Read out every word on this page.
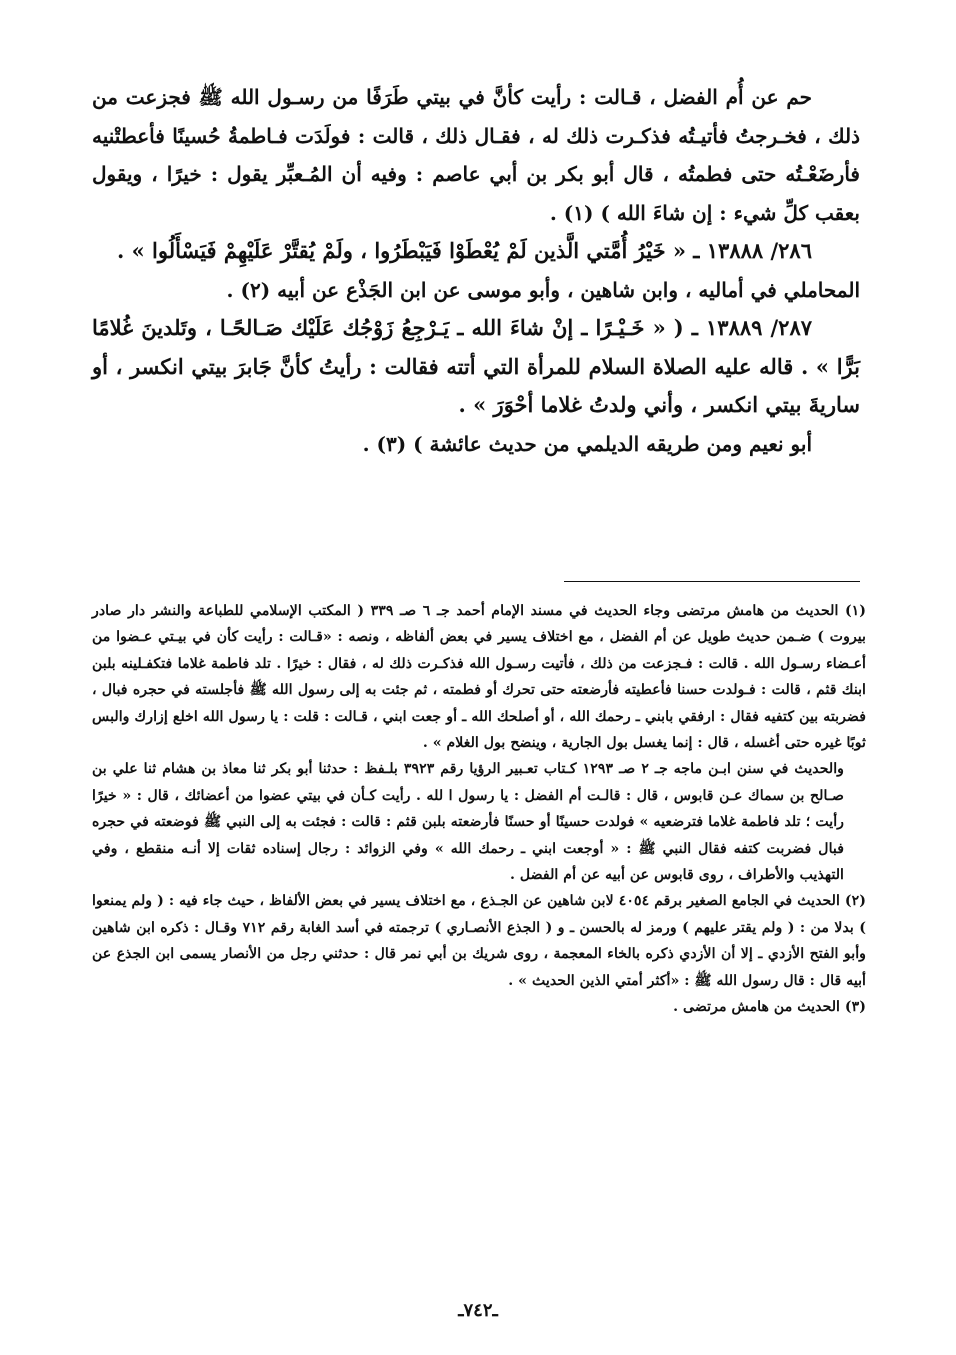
حم عن أُم الفضل ، قـالت : رأيت كأنَّ في بيتي طَرَفًا من رسـول الله ﷺ فجزعت من ذلك ، فخـرجتُ فأتيـتُه فذكـرت ذلك له ، فقـال ذلك ، قالت : فولَدَت فـاطمةُ حُسينًا فأعطتْنيه فأرضَعْـتُه حتى فطمتُه ، قال أبو بكر بن أبي عاصم : وفيه أن المُـعبِّر يقول : خيرًا ، ويقول بعقب كلِّ شيء : إن شاءَ الله ) (١) .

٢٨٦/ ١٣٨٨٨ ـ « خَيْرُ أُمَّتي الَّذين لَمْ يُعْطَوْا فَيَبْطَرُوا ، ولَمْ يُقتَّرْ عَلَيْهِمْ فَيَسْأَلُوا » .

المحاملي في أماليه ، وابن شاهين ، وأبو موسى عن ابن الجَذْع عن أبيه (٢) .

٢٨٧/ ١٣٨٨٩ ـ ( « خَـيْـرًا ـ إنْ شاءَ الله ـ يَـرْجِعُ زَوْجُك عَلَيْك صَـالحًـا ، وتَلدينَ غُلامًا بَرًّا » . قاله عليه الصلاة السلام للمرأة التي أتته فقالت : رأيتُ كأنَّ جَابرَ بيتي انكسر ، أو ساريةَ بيتي انكسر ، وأني ولدتُ غلاما أحْوَرَ » .

أبو نعيم ومن طريقه الديلمي من حديث عائشة ) (٣) .

(١) الحديث من هامش مرتضى وجاء الحديث في مسند الإمام أحمد جـ ٦ صـ ٣٣٩ ( المكتب الإسلامي للطباعة والنشر دار صادر بيروت ) ضـمن حديث طويل عن أم الفضل ، مع اختلاف يسير في بعض ألفاظه ، ونصه : «قـالت : رأيت كأن في بيـتي عـضوا من أعـضاء رسـول الله . قالت : فـجزعت من ذلك ، فأتيت رسـول الله فذكـرت ذلك له ، فقال : خيرًا . تلد فاطمة غلاما فتكفـلينه بلبن ابنك قثم ، قالت : فـولدت حسنا فأعطيته فأرضعته حتى تحرك أو فطمته ، ثم جئت به إلى رسول الله ﷺ فأجلسته في حجره فبال ، فضربته بين كتفيه فقال : ارفقي بابني ـ رحمك الله ، أو أصلحك الله ـ أو جعت ابني ، قـالت : قلت : يا رسول الله اخلع إزارك والبس ثوبًا غيره حتى أغسله ، قال : إنما يغسل بول الجارية ، وينضح بول الغلام » .

والحديث في سنن ابـن ماجه جـ ٢ صـ ١٢٩٣ كـتاب تعـبير الرؤيا رقم ٣٩٢٣ بلـفظ : حدثنا أبو بكر ثنا معاذ بن هشام ثنا علي بن صـالح بن سماك عـن قابوس ، قال : قالـت أم الفضل : يا رسول ا لله . رأيت كـأن في بيتي عضوا من أعضائك ، قال : « خيرًا رأيت ؛ تلد فاطمة غلاما فترضعيه » فولدت حسينًا أو حسنًا فأرضعته بلبن قثم : قالت : فجئت به إلى النبي ﷺ فوضعته في حجره فبال فضربت كتفه فقال النبي ﷺ : « أوجعت ابني ـ رحمك الله » وفي الزوائد : رجال إسناده ثقات إلا أنـه منقطع ، وفي التهذيب والأطراف ، روى قابوس عن أبيه عن أم الفضل .

(٢) الحديث في الجامع الصغير برقم ٤٠٥٤ لابن شاهين عن الجـذع ، مع اختلاف يسير في بعض الألفاظ ، حيث جاء فيه : ( ولم يمنعوا ) بدلا من : ( ولم يقتر عليهم ) ورمز له بالحسن ـ و ( الجذع الأنصـاري ) ترجمته في أسد الغابة رقم ٧١٢ وقـال : ذكره ابن شاهين وأبو الفتح الأزدي ـ إلا أن الأزدي ذكره بالخاء المعجمة ، روى شريك بن أبي نمر قال : حدثني رجل من الأنصار يسمى ابن الجذع عن أبيه قال : قال رسول الله ﷺ : «أكثر أمتي الذين الحديث » .

(٣) الحديث من هامش مرتضى .

ـ٧٤٢ـ
